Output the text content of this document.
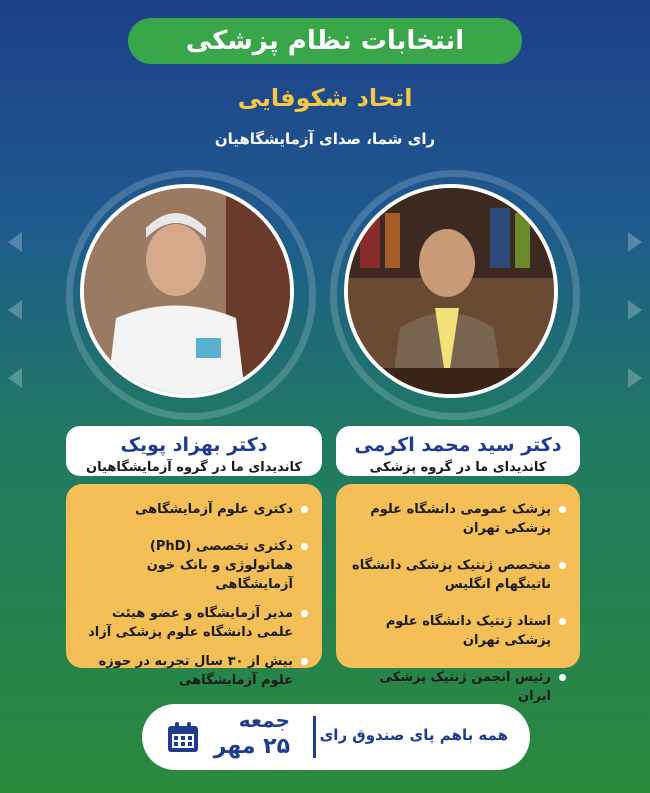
انتخابات نظام پزشکی
اتحاد شکوفایی
رای شما، صدای آزمایشگاهیان
دکتر سید محمد اکرمی
کاندیدای ما در گروه پزشکی
دکتر بهزاد پویک
کاندیدای ما در گروه آزمایشگاهیان
پزشک عمومی دانشگاه علوم پزشکی تهران
متخصص ژنتیک پزشکی دانشگاه ناتینگهام انگلیس
استاد ژنتیک دانشگاه علوم پزشکی تهران
رئیس انجمن ژنتیک پزشکی ایران
دکتری علوم آزمایشگاهی
دکتری تخصصی (PhD) هماتولوژی و بانک خون آزمایشگاهی
مدیر آزمایشگاه و عضو هیئت علمی دانشگاه علوم پزشکی آزاد
بیش از ۳۰ سال تجربه در حوزه علوم آزمایشگاهی
همه باهم پای صندوق رای
جمعه
۲۵ مهر
